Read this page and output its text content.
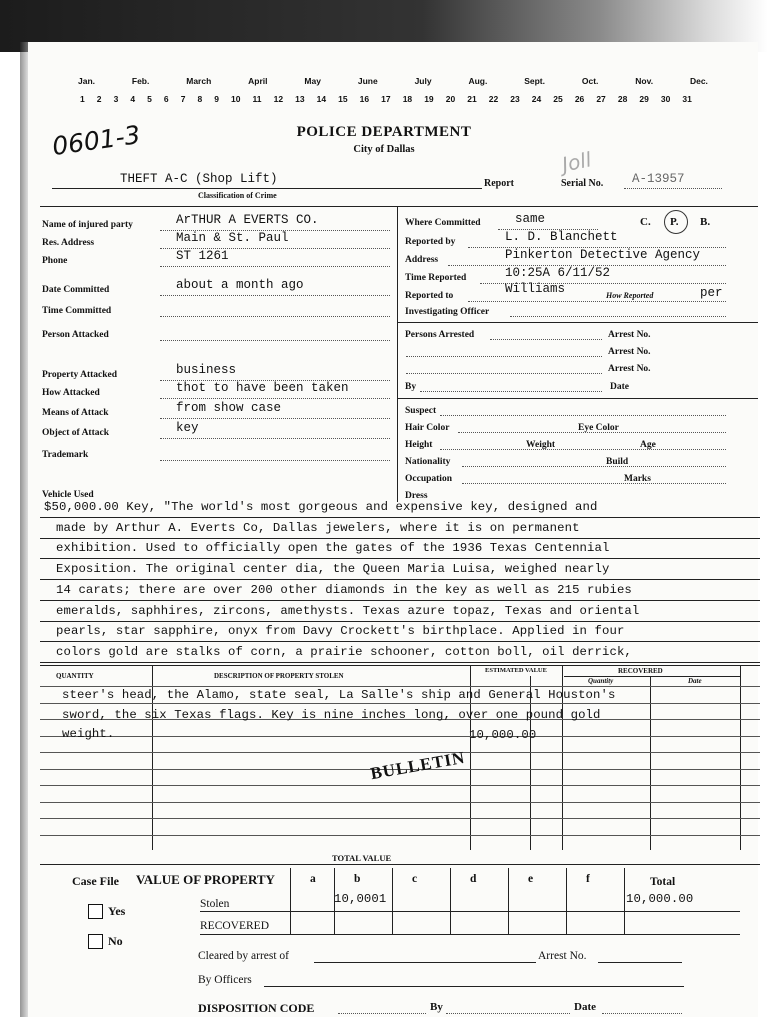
Jan.	Feb.	March	April	May	June	July	Aug.	Sept.	Oct.	Nov.	Dec.
1 2 3 4 5 6 7 8 9 10 11 12 13 14 15 16 17 18 19 20 21 22 23 24 25 26 27 28 29 30 31
0601-3	POLICE DEPARTMENT
City of Dallas	Joll
THEFT A-C (Shop Lift)
Classification of Crime
Report	Serial No. A-13957
Name of injured party	ArTHUR A EVERTS CO.
Res. Address	Main & St. Paul
Phone	ST 1261
Date Committed	about a month ago
Time Committed
Person Attacked
Property Attacked	business
How Attacked	thot to have been taken
Means of Attack	from show case
Object of Attack	key
Trademark
Vehicle Used
Where Committed	same	C. P. B.
Reported by	L. D. Blanchett
Address	Pinkerton Detective Agency
Time Reported	10:25A 6/11/52
Reported to	Williams	How Reported	per
Investigating Officer
Persons Arrested	Arrest No.
Arrest No.
Arrest No.
By	Date
Suspect
Hair Color	Eye Color
Height	Weight	Age
Nationality	Build
Occupation	Marks
Dress
$50,000.00 Key, "The world's most gorgeous and expensive key, designed and
made by Arthur A. Everts Co, Dallas jewelers, where it is on permanent
exhibition. Used to officially open the gates of the 1936 Texas Centennial
Exposition. The original center dia, the Queen Maria Luisa, weighed nearly
14 carats; there are over 200 other diamonds in the key as well as 215 rubies
emeralds, saphhires, zircons, amethysts. Texas azure topaz, Texas and oriental
pearls, star sapphire, onyx from Davy Crockett's birthplace. Applied in four
colors gold are stalks of corn, a prairie schooner, cotton boll, oil derrick,
QUANTITY	DESCRIPTION OF PROPERTY STOLEN
ESTIMATED VALUE	RECOVERED
Quantity	Date
steer's head, the Alamo, state seal, La Salle's ship and General Houston's
sword, the six Texas flags. Key is nine inches long, over one pound gold
weight.	10,000.00
BULLETIN
TOTAL VALUE
Case File VALUE OF PROPERTY	a	b	c	d	e	f	Total
Yes
No
Stolen	10,0001	10,000.00
RECOVERED
Cleared by arrest of	Arrest No.
By Officers
DISPOSITION CODE	By	Date
